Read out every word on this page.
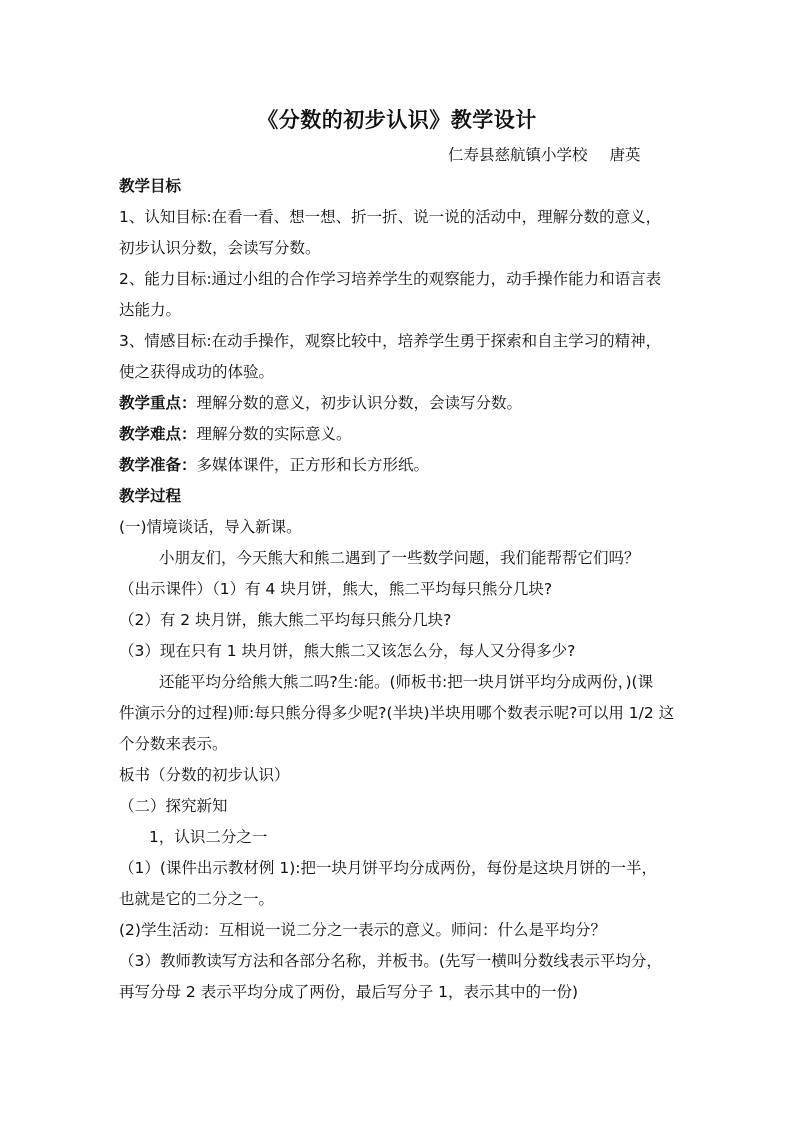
《分数的初步认识》教学设计
仁寿县慈航镇小学校 唐英
教学目标
1、认知目标:在看一看、想一想、折一折、说一说的活动中，理解分数的意义，
初步认识分数，会读写分数。
2、能力目标:通过小组的合作学习培养学生的观察能力，动手操作能力和语言表
达能力。
3、情感目标:在动手操作，观察比较中，培养学生勇于探索和自主学习的精神，
使之获得成功的体验。
教学重点：理解分数的意义，初步认识分数，会读写分数。
教学难点：理解分数的实际意义。
教学准备：多媒体课件，正方形和长方形纸。
教学过程
(一)情境谈话，导入新课。
小朋友们，今天熊大和熊二遇到了一些数学问题，我们能帮帮它们吗？
（出示课件）（1）有 4 块月饼，熊大，熊二平均每只熊分几块?
（2）有 2 块月饼，熊大熊二平均每只熊分几块?
（3）现在只有 1 块月饼，熊大熊二又该怎么分，每人又分得多少?
还能平均分给熊大熊二吗?生:能。(师板书:把一块月饼平均分成两份，)(课
件演示分的过程)师:每只熊分得多少呢?(半块)半块用哪个数表示呢?可以用 1/2 这
个分数来表示。
板书（分数的初步认识）
（二）探究新知
1，认识二分之一
（1）(课件出示教材例 1):把一块月饼平均分成两份，每份是这块月饼的一半，
也就是它的二分之一。
(2)学生活动：互相说一说二分之一表示的意义。师问：什么是平均分？
（3）教师教读写方法和各部分名称，并板书。(先写一横叫分数线表示平均分，
再写分母 2 表示平均分成了两份，最后写分子 1，表示其中的一份)
